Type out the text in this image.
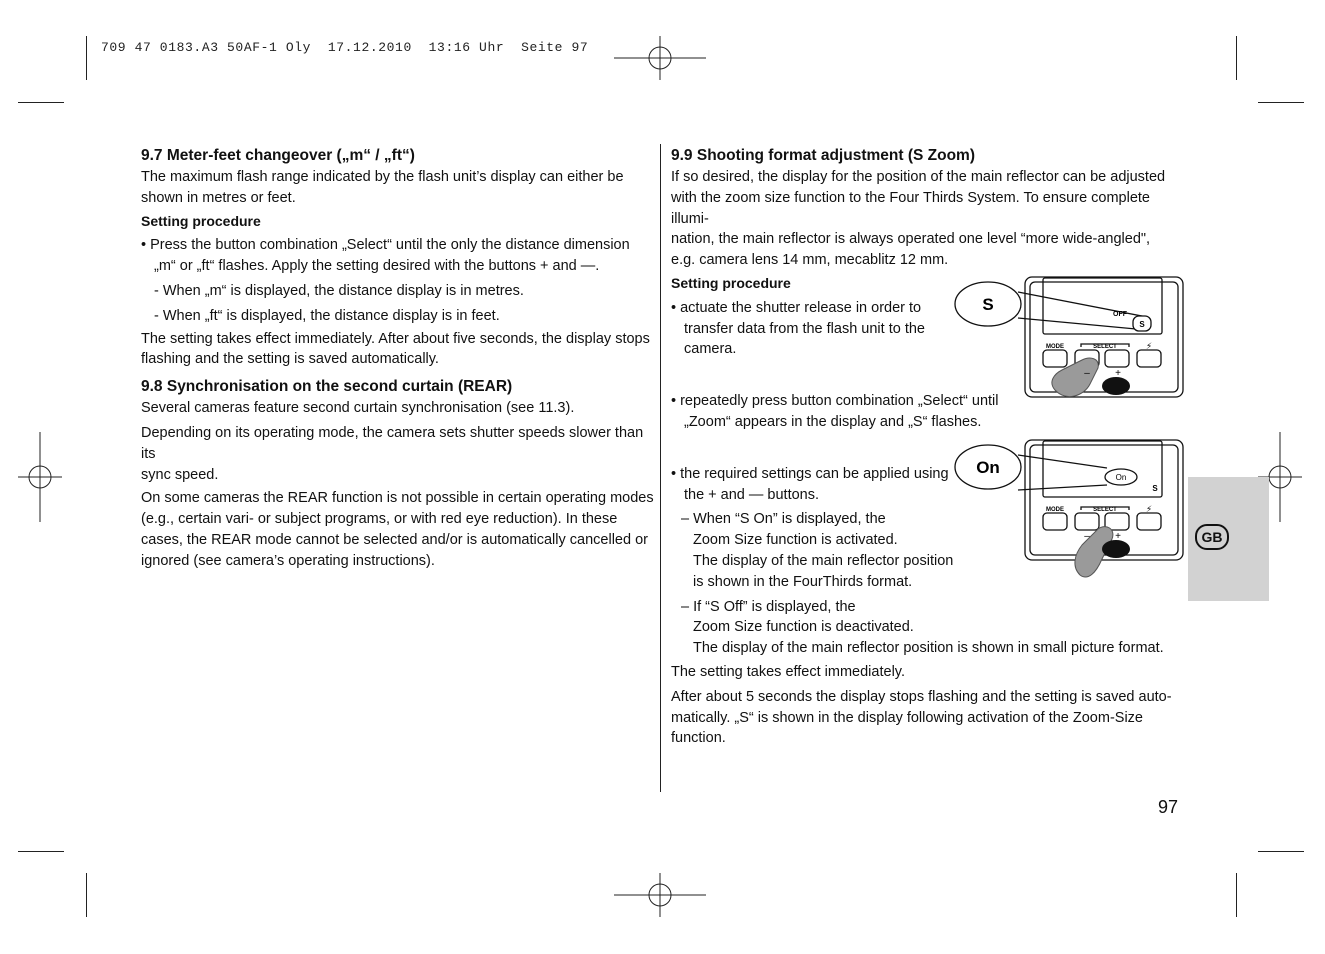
709 47 0183.A3 50AF-1 Oly  17.12.2010  13:16 Uhr  Seite 97
9.7 Meter-feet changeover („m“ / „ft“)

The maximum flash range indicated by the flash unit’s display can either be

shown in metres or feet.

Setting procedure

• Press the button combination „Select“ until the only the distance dimension

„m“ or „ft“ flashes. Apply the setting desired with the buttons + and —.

- When „m“ is displayed, the distance display is in metres.

- When „ft“ is displayed, the distance display is in feet.

The setting takes effect immediately. After about five seconds, the display stops

flashing and the setting is saved automatically.

9.8 Synchronisation on the second curtain (REAR)

Several cameras feature second curtain synchronisation (see 11.3).

Depending on its operating mode, the camera sets shutter speeds slower than its

sync speed.

On some cameras the REAR function is not possible in certain operating modes

(e.g., certain vari- or subject programs, or with red eye reduction). In these

cases, the REAR mode cannot be selected and/or is automatically cancelled or

ignored (see camera’s operating instructions).

9.9 Shooting format adjustment (S Zoom)

If so desired, the display for the position of the main reflector can be adjusted

with the zoom size function to the Four Thirds System. To ensure complete illumi-

nation, the main reflector is always operated one level “more wide-angled",

e.g. camera lens 14 mm, mecablitz 12 mm.

Setting procedure

• actuate the shutter release in order to

transfer data from the flash unit to the

camera.

• repeatedly press button combination „Select“ until

„Zoom“ appears in the display and „S“ flashes.

• the required settings can be applied using

the + and — buttons.

– When “S On” is displayed, the

Zoom Size function is activated.

The display of the main reflector position

is shown in the FourThirds format.

– If “S Off” is displayed, the

Zoom Size function is deactivated.

The display of the main reflector position is shown in small picture format.

The setting takes effect immediately.

After about 5 seconds the display stops flashing and the setting is saved auto-

matically. „S“ is shown in the display following activation of the Zoom-Size

function.

S
OFF
S
MODE	SELECT
–	+
⚡
On
On
S
MODE	SELECT
–	+
⚡
GB
97
